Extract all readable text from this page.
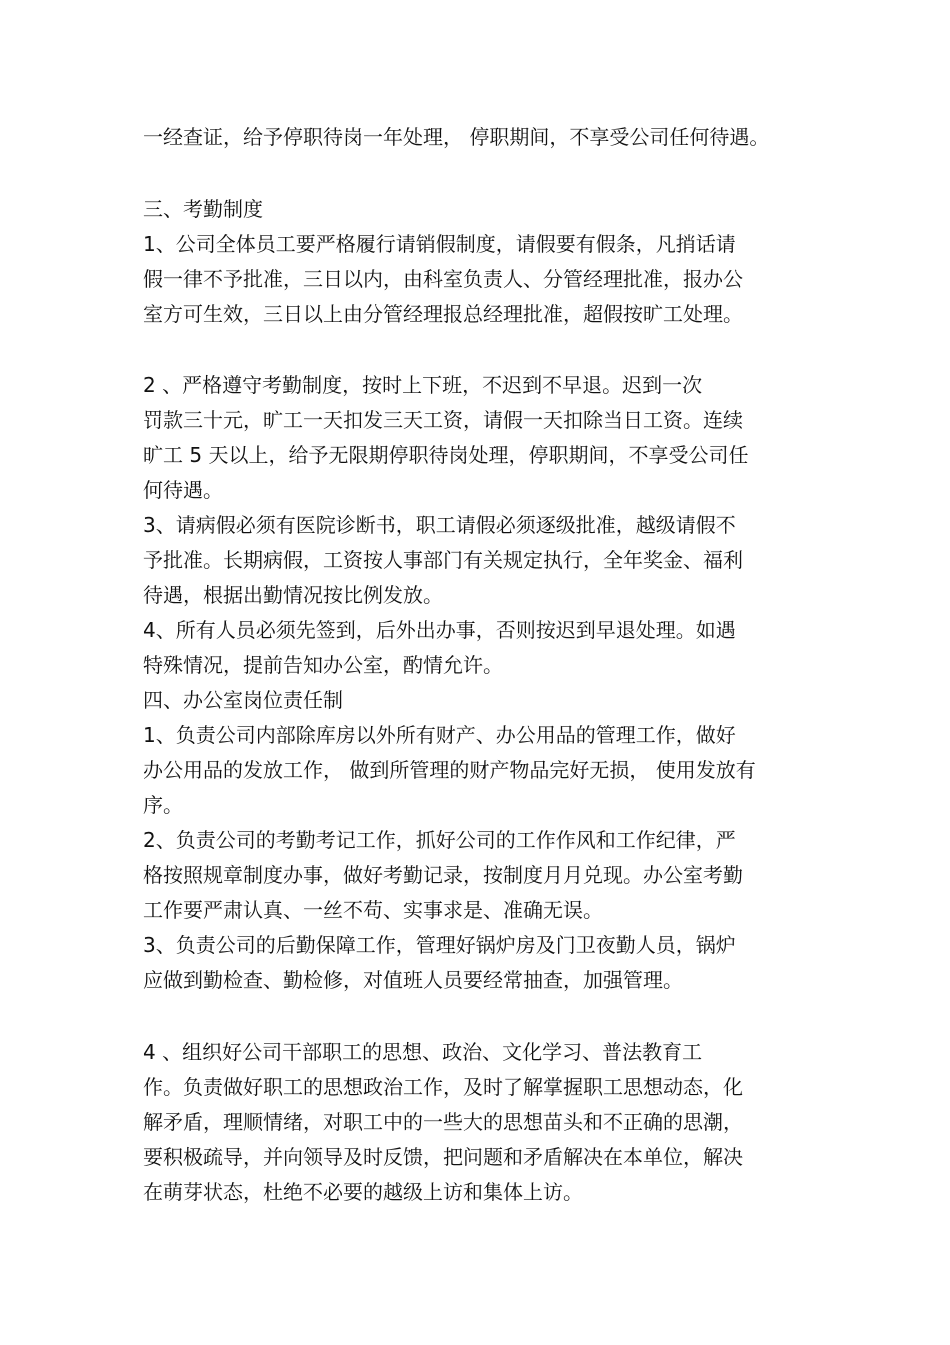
一经查证，给予停职待岗一年处理， 停职期间，不享受公司任何待遇。
三、考勤制度
1、公司全体员工要严格履行请销假制度，请假要有假条，凡捎话请
假一律不予批准，三日以内，由科室负责人、分管经理批准，报办公
室方可生效，三日以上由分管经理报总经理批准，超假按旷工处理。
2 、严格遵守考勤制度，按时上下班，不迟到不早退。迟到一次
罚款三十元，旷工一天扣发三天工资，请假一天扣除当日工资。连续
旷工 5 天以上，给予无限期停职待岗处理，停职期间，不享受公司任
何待遇。
3、请病假必须有医院诊断书，职工请假必须逐级批准，越级请假不
予批准。长期病假，工资按人事部门有关规定执行，全年奖金、福利
待遇，根据出勤情况按比例发放。
4、所有人员必须先签到，后外出办事，否则按迟到早退处理。如遇
特殊情况，提前告知办公室，酌情允许。
四、办公室岗位责任制
1、负责公司内部除库房以外所有财产、办公用品的管理工作，做好
办公用品的发放工作， 做到所管理的财产物品完好无损， 使用发放有
序。
2、负责公司的考勤考记工作，抓好公司的工作作风和工作纪律，严
格按照规章制度办事，做好考勤记录，按制度月月兑现。办公室考勤
工作要严肃认真、一丝不苟、实事求是、准确无误。
3、负责公司的后勤保障工作，管理好锅炉房及门卫夜勤人员，锅炉
应做到勤检查、勤检修，对值班人员要经常抽查，加强管理。
4 、组织好公司干部职工的思想、政治、文化学习、普法教育工
作。负责做好职工的思想政治工作，及时了解掌握职工思想动态，化
解矛盾，理顺情绪，对职工中的一些大的思想苗头和不正确的思潮，
要积极疏导，并向领导及时反馈，把问题和矛盾解决在本单位，解决
在萌芽状态，杜绝不必要的越级上访和集体上访。
